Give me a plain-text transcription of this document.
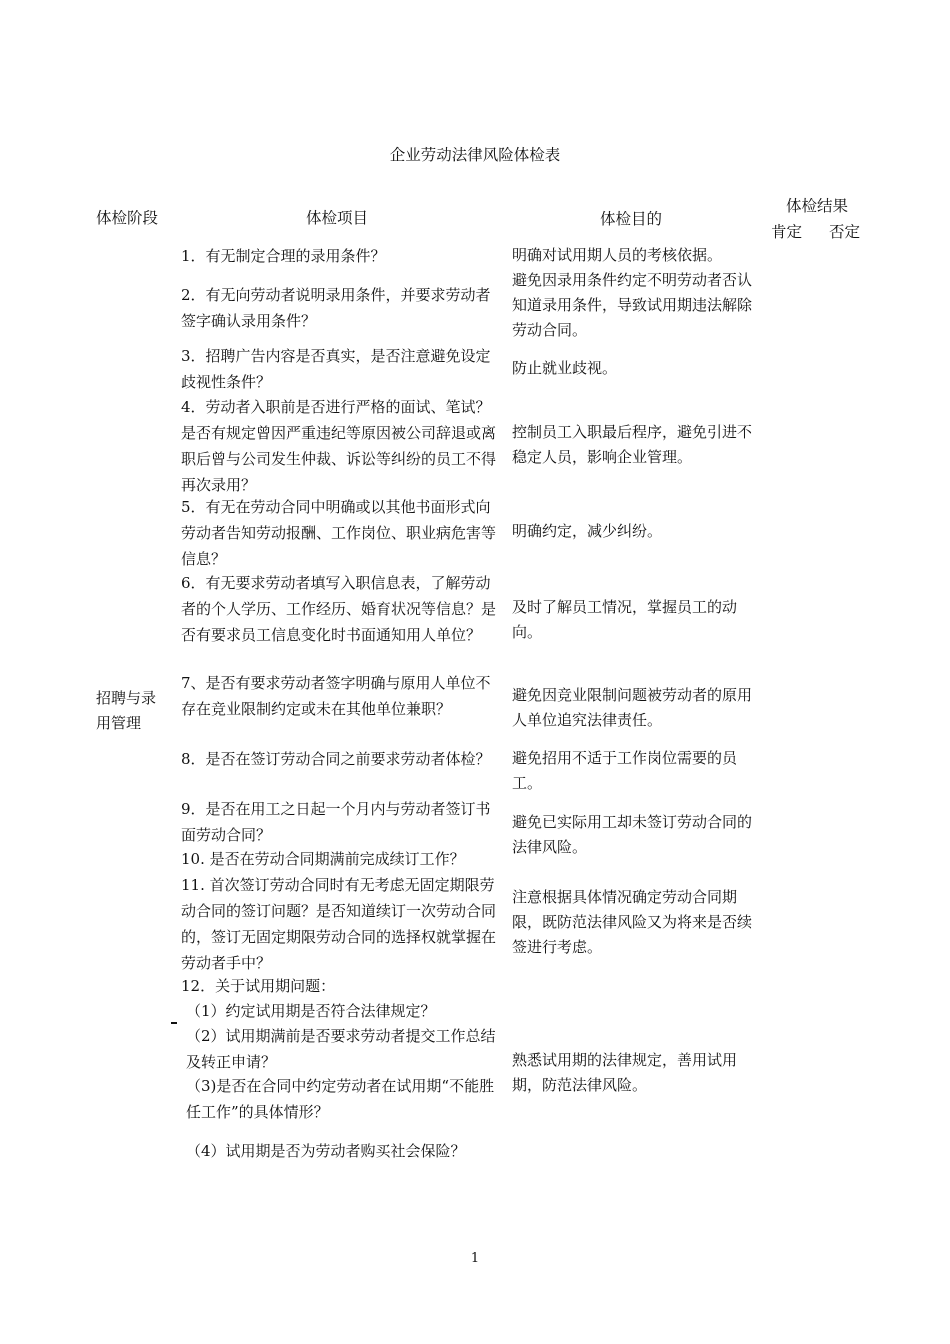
企业劳动法律风险体检表
体检阶段	体检项目	体检目的
体检结果
肯定 否定
招聘与录用管理
1．有无制定合理的录用条件？
2．有无向劳动者说明录用条件，并要求劳动者签字确认录用条件？
3．招聘广告内容是否真实，是否注意避免设定歧视性条件？
4．劳动者入职前是否进行严格的面试、笔试？是否有规定曾因严重违纪等原因被公司辞退或离职后曾与公司发生仲裁、诉讼等纠纷的员工不得再次录用？
5．有无在劳动合同中明确或以其他书面形式向劳动者告知劳动报酬、工作岗位、职业病危害等信息？
6．有无要求劳动者填写入职信息表，了解劳动者的个人学历、工作经历、婚育状况等信息？是否有要求员工信息变化时书面通知用人单位？
7、是否有要求劳动者签字明确与原用人单位不存在竞业限制约定或未在其他单位兼职？
8．是否在签订劳动合同之前要求劳动者体检？
9．是否在用工之日起一个月内与劳动者签订书面劳动合同？
10. 是否在劳动合同期满前完成续订工作？
11. 首次签订劳动合同时有无考虑无固定期限劳动合同的签订问题？是否知道续订一次劳动合同的，签订无固定期限劳动合同的选择权就掌握在劳动者手中？
12．关于试用期问题：
（1）约定试用期是否符合法律规定？
（2）试用期满前是否要求劳动者提交工作总结及转正申请？
（3)是否在合同中约定劳动者在试用期“不能胜任工作”的具体情形？
（4）试用期是否为劳动者购买社会保险？
明确对试用期人员的考核依据。
避免因录用条件约定不明劳动者否认知道录用条件，导致试用期违法解除劳动合同。
防止就业歧视。
控制员工入职最后程序，避免引进不稳定人员，影响企业管理。
明确约定，减少纠纷。
及时了解员工情况，掌握员工的动向。
避免因竞业限制问题被劳动者的原用人单位追究法律责任。
避免招用不适于工作岗位需要的员工。
避免已实际用工却未签订劳动合同的法律风险。
注意根据具体情况确定劳动合同期限，既防范法律风险又为将来是否续签进行考虑。
熟悉试用期的法律规定，善用试用期，防范法律风险。
1
